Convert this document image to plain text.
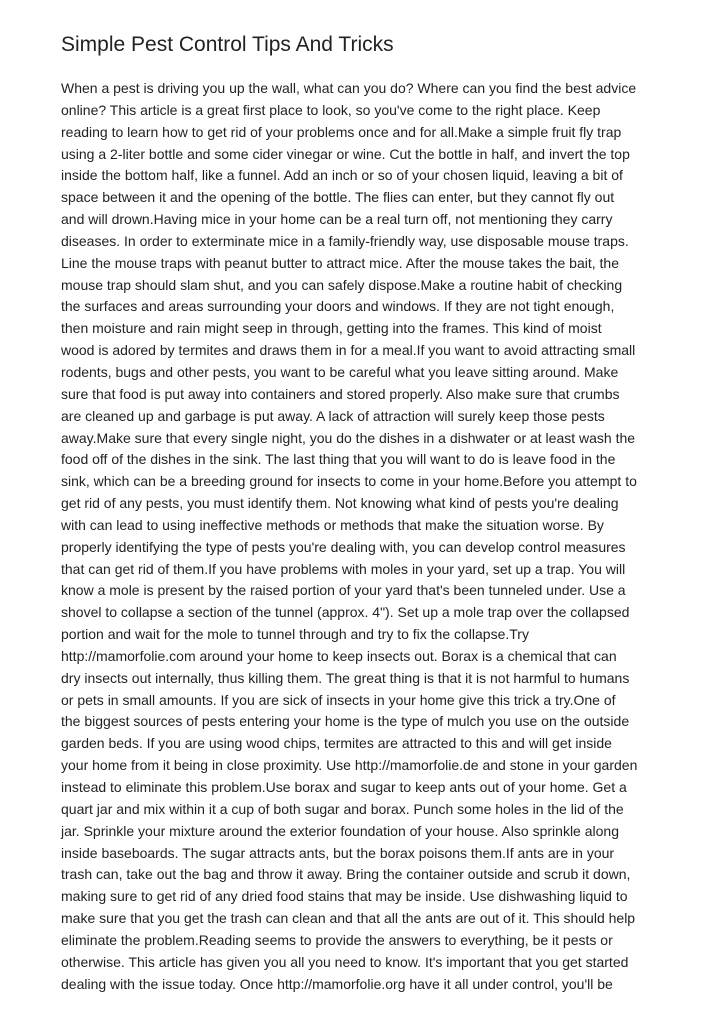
Simple Pest Control Tips And Tricks
When a pest is driving you up the wall, what can you do? Where can you find the best advice
online? This article is a great first place to look, so you've come to the right place. Keep
reading to learn how to get rid of your problems once and for all.Make a simple fruit fly trap
using a 2-liter bottle and some cider vinegar or wine. Cut the bottle in half, and invert the top
inside the bottom half, like a funnel. Add an inch or so of your chosen liquid, leaving a bit of
space between it and the opening of the bottle. The flies can enter, but they cannot fly out
and will drown.Having mice in your home can be a real turn off, not mentioning they carry
diseases. In order to exterminate mice in a family-friendly way, use disposable mouse traps.
Line the mouse traps with peanut butter to attract mice. After the mouse takes the bait, the
mouse trap should slam shut, and you can safely dispose.Make a routine habit of checking
the surfaces and areas surrounding your doors and windows. If they are not tight enough,
then moisture and rain might seep in through, getting into the frames. This kind of moist
wood is adored by termites and draws them in for a meal.If you want to avoid attracting small
rodents, bugs and other pests, you want to be careful what you leave sitting around. Make
sure that food is put away into containers and stored properly. Also make sure that crumbs
are cleaned up and garbage is put away. A lack of attraction will surely keep those pests
away.Make sure that every single night, you do the dishes in a dishwater or at least wash the
food off of the dishes in the sink. The last thing that you will want to do is leave food in the
sink, which can be a breeding ground for insects to come in your home.Before you attempt to
get rid of any pests, you must identify them. Not knowing what kind of pests you're dealing
with can lead to using ineffective methods or methods that make the situation worse. By
properly identifying the type of pests you're dealing with, you can develop control measures
that can get rid of them.If you have problems with moles in your yard, set up a trap. You will
know a mole is present by the raised portion of your yard that's been tunneled under. Use a
shovel to collapse a section of the tunnel (approx. 4"). Set up a mole trap over the collapsed
portion and wait for the mole to tunnel through and try to fix the collapse.Try
http://mamorfolie.com around your home to keep insects out. Borax is a chemical that can
dry insects out internally, thus killing them. The great thing is that it is not harmful to humans
or pets in small amounts. If you are sick of insects in your home give this trick a try.One of
the biggest sources of pests entering your home is the type of mulch you use on the outside
garden beds. If you are using wood chips, termites are attracted to this and will get inside
your home from it being in close proximity. Use http://mamorfolie.de and stone in your garden
instead to eliminate this problem.Use borax and sugar to keep ants out of your home. Get a
quart jar and mix within it a cup of both sugar and borax. Punch some holes in the lid of the
jar. Sprinkle your mixture around the exterior foundation of your house. Also sprinkle along
inside baseboards. The sugar attracts ants, but the borax poisons them.If ants are in your
trash can, take out the bag and throw it away. Bring the container outside and scrub it down,
making sure to get rid of any dried food stains that may be inside. Use dishwashing liquid to
make sure that you get the trash can clean and that all the ants are out of it. This should help
eliminate the problem.Reading seems to provide the answers to everything, be it pests or
otherwise. This article has given you all you need to know. It's important that you get started
dealing with the issue today. Once http://mamorfolie.org have it all under control, you'll be
